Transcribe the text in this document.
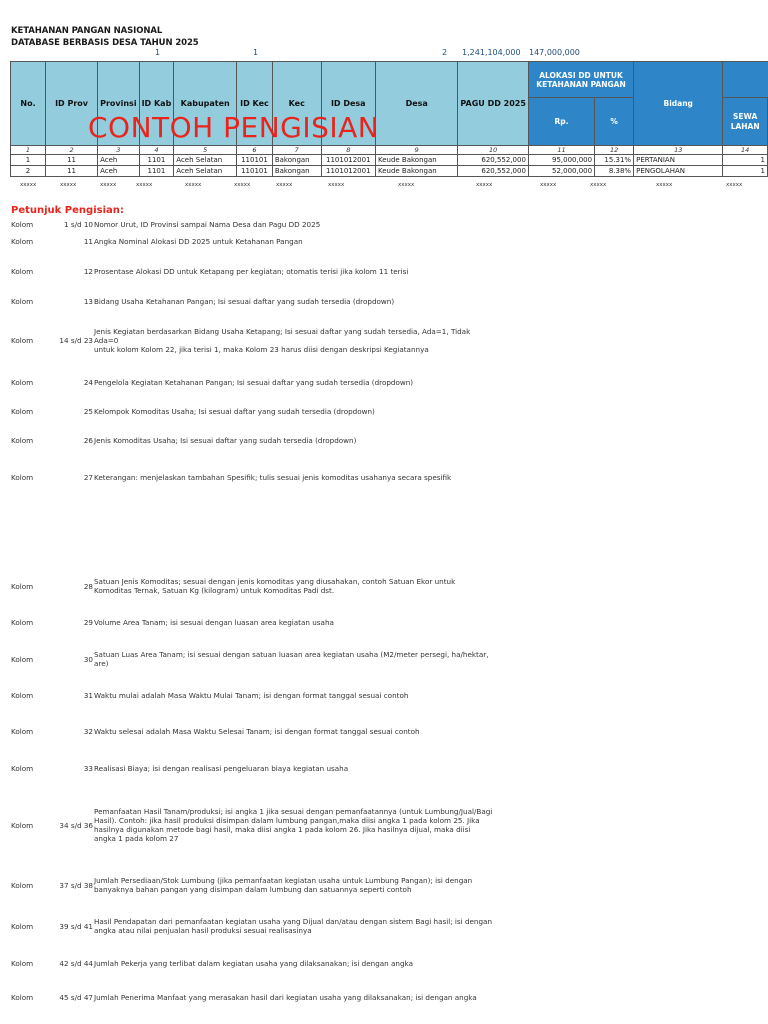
KETAHANAN PANGAN NASIONAL
DATABASE BERBASIS DESA TAHUN 2025
1	1	2 1,241,104,000 147,000,000
No.	ID Prov	Provinsi	ID Kab	Kabupaten	ID Kec	Kec	ID Desa	Desa	PAGU DD 2025	ALOKASI DD UNTUK KETAHANAN PANGAN		Bidang	
										Rp.	%		SEWA LAHAN
1	2	3	4	5	6	7	8	9	10	11	12	13	14
1	11	Aceh	1101	Aceh Selatan	110101	Bakongan	1101012001	Keude Bakongan	620,552,000	95,000,000	15.31%	PERTANIAN	1
2	11	Aceh	1101	Aceh Selatan	110101	Bakongan	1101012001	Keude Bakongan	620,552,000	52,000,000	8.38%	PENGOLAHAN	1
CONTOH PENGISIAN
xxxxx	xxxxx	xxxxx	xxxxx	xxxxx	xxxxx	xxxxx	xxxxx	xxxxx	xxxxx	xxxxx	xxxxx	xxxxx	xxxxx
Petunjuk Pengisian:
Kolom	1 s/d 10 Nomor Urut, ID Provinsi sampai Nama Desa dan Pagu DD 2025
Kolom	11 Angka Nominal Alokasi DD 2025 untuk Ketahanan Pangan
Kolom	12 Prosentase Alokasi DD untuk Ketapang per kegiatan; otomatis terisi jika kolom 11 terisi
Kolom	13 Bidang Usaha Ketahanan Pangan; Isi sesuai daftar yang sudah tersedia (dropdown)
Kolom	14 s/d 23
Jenis Kegiatan berdasarkan Bidang Usaha Ketapang; Isi sesuai daftar yang sudah tersedia, Ada=1, Tidak Ada=0
untuk kolom Kolom 22, jika terisi 1, maka Kolom 23 harus diisi dengan deskripsi Kegiatannya
Kolom	24 Pengelola Kegiatan Ketahanan Pangan; Isi sesuai daftar yang sudah tersedia (dropdown)
Kolom	25 Kelompok Komoditas Usaha; Isi sesuai daftar yang sudah tersedia (dropdown)
Kolom	26 Jenis Komoditas Usaha; Isi sesuai daftar yang sudah tersedia (dropdown)
Kolom	27 Keterangan: menjelaskan tambahan Spesifik; tulis sesuai jenis komoditas usahanya secara spesifik
Kolom	28 Satuan Jenis Komoditas; sesuai dengan jenis komoditas yang diusahakan, contoh Satuan Ekor untuk Komoditas Ternak, Satuan Kg (kilogram) untuk Komoditas Padi dst.
Kolom	29 Volume Area Tanam; isi sesuai dengan luasan area kegiatan usaha
Kolom	30 Satuan Luas Area Tanam; isi sesuai dengan satuan luasan area kegiatan usaha (M2/meter persegi, ha/hektar, are)
Kolom	31 Waktu mulai adalah Masa Waktu Mulai Tanam; isi dengan format tanggal sesuai contoh
Kolom	32 Waktu selesai adalah Masa Waktu Selesai Tanam; isi dengan format tanggal sesuai contoh
Kolom	33 Realisasi Biaya; isi dengan realisasi pengeluaran biaya kegiatan usaha
Kolom	34 s/d 36
Pemanfaatan Hasil Tanam/produksi; isi angka 1 jika sesuai dengan pemanfaatannya (untuk Lumbung/Jual/Bagi Hasil). Contoh: jika hasil produksi disimpan dalam lumbung pangan,maka diisi angka 1 pada kolom 25. Jika hasilnya digunakan metode bagi hasil, maka diisi angka 1 pada kolom 26. Jika hasilnya dijual, maka diisi angka 1 pada kolom 27
Kolom	37 s/d 38 Jumlah Persediaan/Stok Lumbung (jika pemanfaatan kegiatan usaha untuk Lumbung Pangan); isi dengan banyaknya bahan pangan yang disimpan dalam lumbung dan satuannya seperti contoh
Kolom	39 s/d 41 Hasil Pendapatan dari pemanfaatan kegiatan usaha yang Dijual dan/atau dengan sistem Bagi hasil; isi dengan angka atau nilai penjualan hasil produksi sesuai realisasinya
Kolom	42 s/d 44 Jumlah Pekerja yang terlibat dalam kegiatan usaha yang dilaksanakan; isi dengan angka
Kolom	45 s/d 47 Jumlah Penerima Manfaat yang merasakan hasil dari kegiatan usaha yang dilaksanakan; isi dengan angka
